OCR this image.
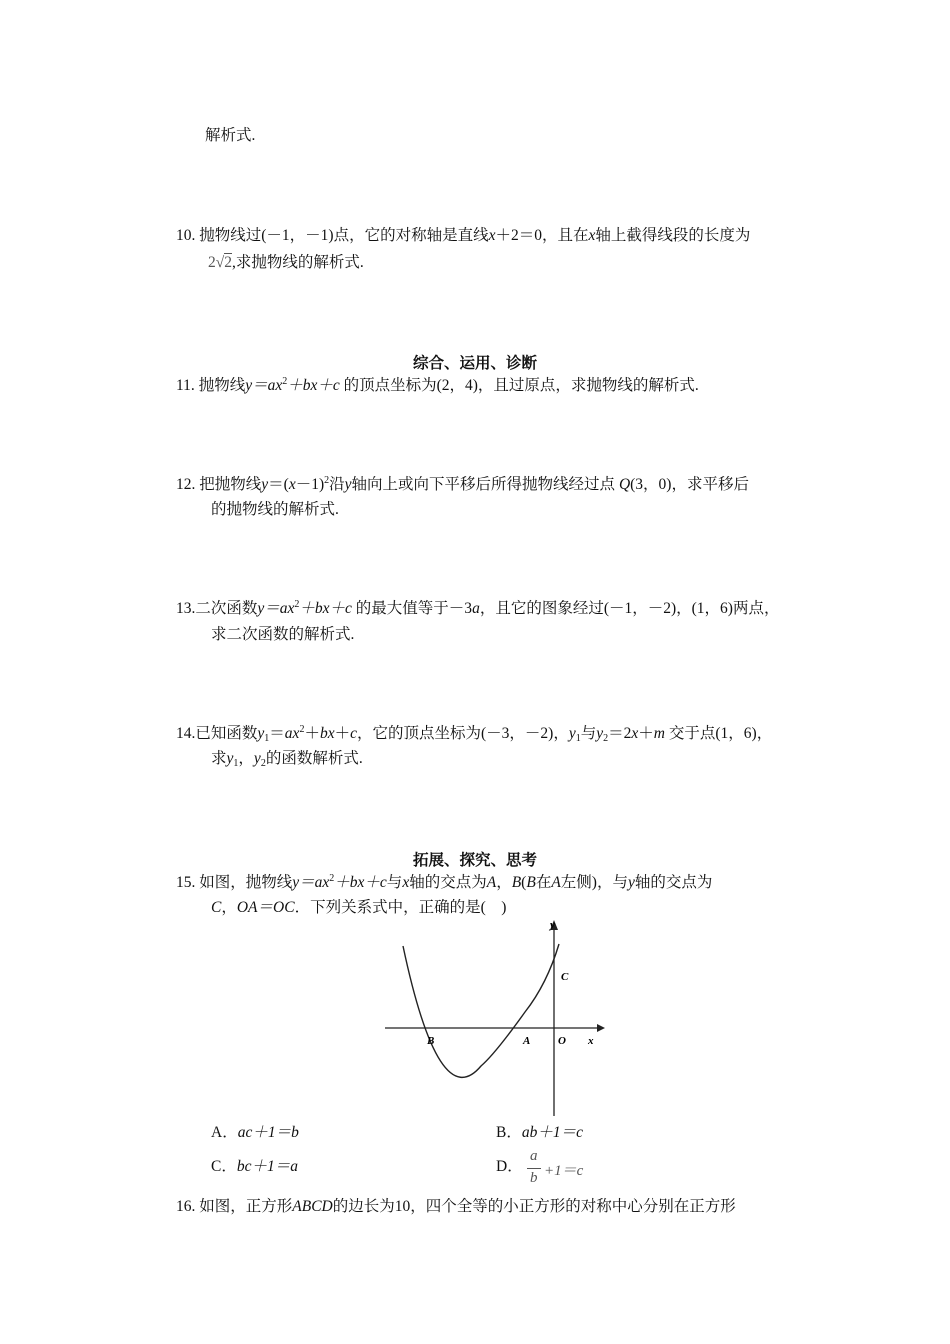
解析式.
10. 抛物线过(－1，－1)点，它的对称轴是直线x＋2＝0，且在x轴上截得线段的长度为
2√2,求抛物线的解析式.
综合、运用、诊断
11. 抛物线$y=ax^2+bx+c$ 的顶点坐标为(2，4)，且过原点，求抛物线的解析式.
12. 把抛物线$y=(x-1)^2$沿y轴向上或向下平移后所得抛物线经过点 Q(3，0)，求平移后
的抛物线的解析式.
13.二次函数$y=ax^2+bx+c$ 的最大值等于－3a，且它的图象经过(－1，－2)，(1，6)两点，
求二次函数的解析式.
14.已知函数$y_1=ax^2+bx+c$，它的顶点坐标为(－3，－2)，$y_1$与$y_2=2x+m$ 交于点(1，6)，
求$y_1$，$y_2$的函数解析式.
拓展、探究、思考
15. 如图，抛物线$y=ax^2+bx+c$与x轴的交点为A，B(B在A左侧)，与y轴的交点为
C，OA＝OC．下列关系式中，正确的是(　)
y
C
B	A	O x
A．ac＋1＝b	B．ab＋1＝c
C．bc＋1＝a	D．
a
b +1＝c
16. 如图，正方形ABCD的边长为10，四个全等的小正方形的对称中心分别在正方形
